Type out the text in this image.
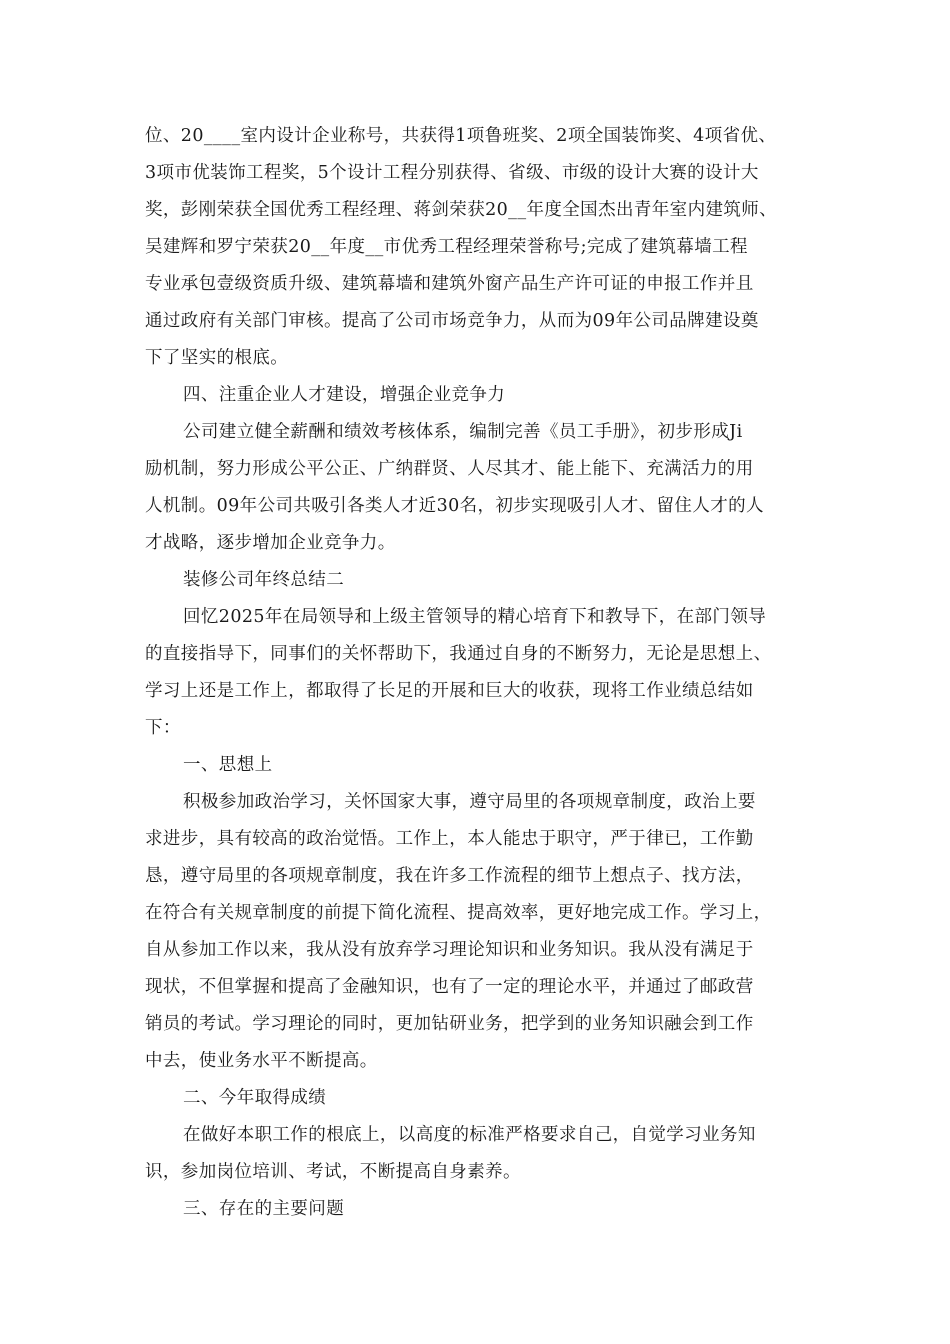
位、20____室内设计企业称号，共获得1项鲁班奖、2项全国装饰奖、4项省优、
3项市优装饰工程奖，5个设计工程分别获得、省级、市级的设计大赛的设计大
奖，彭刚荣获全国优秀工程经理、蒋剑荣获20__年度全国杰出青年室内建筑师、
吴建辉和罗宁荣获20__年度__市优秀工程经理荣誉称号;完成了建筑幕墙工程
专业承包壹级资质升级、建筑幕墙和建筑外窗产品生产许可证的申报工作并且
通过政府有关部门审核。提高了公司市场竞争力，从而为09年公司品牌建设奠
下了坚实的根底。
四、注重企业人才建设，增强企业竞争力
公司建立健全薪酬和绩效考核体系，编制完善《员工手册》，初步形成Ji
励机制，努力形成公平公正、广纳群贤、人尽其才、能上能下、充满活力的用
人机制。09年公司共吸引各类人才近30名，初步实现吸引人才、留住人才的人
才战略，逐步增加企业竞争力。
装修公司年终总结二
回忆2025年在局领导和上级主管领导的精心培育下和教导下，在部门领导
的直接指导下，同事们的关怀帮助下，我通过自身的不断努力，无论是思想上、
学习上还是工作上，都取得了长足的开展和巨大的收获，现将工作业绩总结如
下：
一、思想上
积极参加政治学习，关怀国家大事，遵守局里的各项规章制度，政治上要
求进步，具有较高的政治觉悟。工作上，本人能忠于职守，严于律已，工作勤
恳，遵守局里的各项规章制度，我在许多工作流程的细节上想点子、找方法，
在符合有关规章制度的前提下简化流程、提高效率，更好地完成工作。学习上，
自从参加工作以来，我从没有放弃学习理论知识和业务知识。我从没有满足于
现状，不但掌握和提高了金融知识，也有了一定的理论水平，并通过了邮政营
销员的考试。学习理论的同时，更加钻研业务，把学到的业务知识融会到工作
中去，使业务水平不断提高。
二、今年取得成绩
在做好本职工作的根底上，以高度的标准严格要求自己，自觉学习业务知
识，参加岗位培训、考试，不断提高自身素养。
三、存在的主要问题
